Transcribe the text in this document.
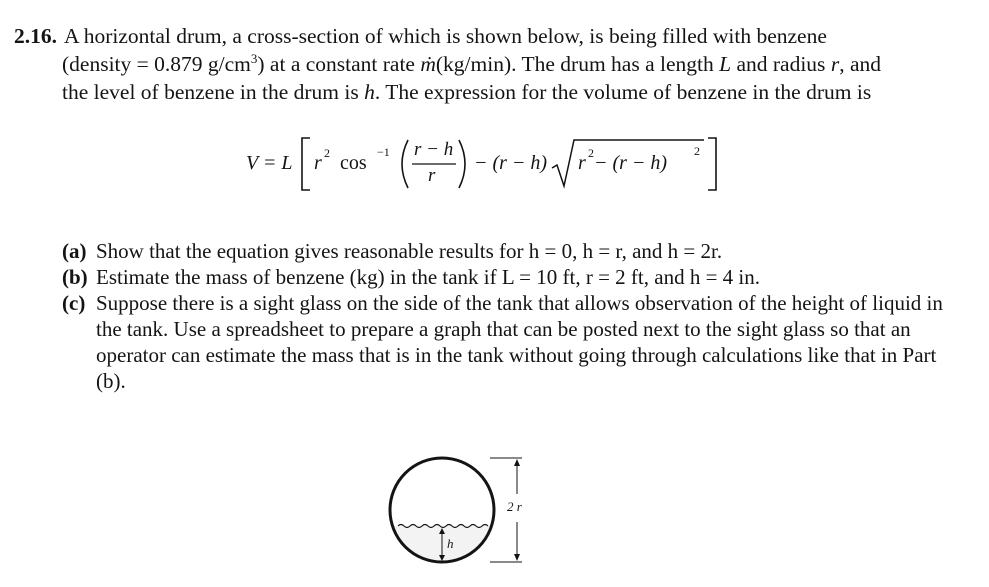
2.16. A horizontal drum, a cross-section of which is shown below, is being filled with benzene
(density = 0.879 $g/cm^3$) at a constant rate ṁ(kg/min). The drum has a length L and radius r, and
the level of benzene in the drum is h. The expression for the volume of benzene in the drum is
V = L r 2 cos −1 r − h
r
− (r − h) r 2 − (r − h)
2
(a) Show that the equation gives reasonable results for h = 0, h = r, and h = 2r.
(b) Estimate the mass of benzene (kg) in the tank if L = 10 ft, r = 2 ft, and h = 4 in.
(c) Suppose there is a sight glass on the side of the tank that allows observation of the height of liquid in the tank. Use a spreadsheet to prepare a graph that can be posted next to the sight glass so that an operator can estimate the mass that is in the tank without going through calculations like that in Part (b).
2 r
h
